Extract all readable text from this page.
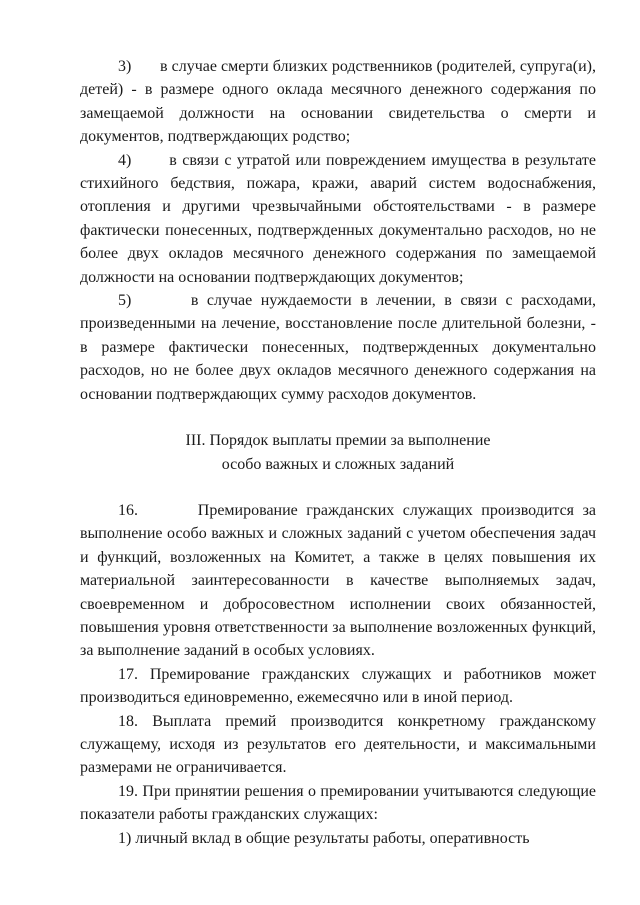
3)       в случае смерти близких родственников (родителей, супруга(и), детей) - в размере одного оклада месячного денежного содержания по замещаемой должности на основании свидетельства о смерти и документов, подтверждающих родство;

4)       в связи с утратой или повреждением имущества в результате стихийного бедствия, пожара, кражи, аварий систем водоснабжения, отопления и другими чрезвычайными обстоятельствами - в размере фактически понесенных, подтвержденных документально расходов, но не более двух окладов месячного денежного содержания по замещаемой должности на основании подтверждающих документов;

5)       в случае нуждаемости в лечении, в связи с расходами, произведенными на лечение, восстановление после длительной болезни, - в размере фактически понесенных, подтвержденных документально расходов, но не более двух окладов месячного денежного содержания на основании подтверждающих сумму расходов документов.

III. Порядок выплаты премии за выполнение
особо важных и сложных заданий

16.       Премирование гражданских служащих производится за выполнение особо важных и сложных заданий с учетом обеспечения задач и функций, возложенных на Комитет, а также в целях повышения их материальной заинтересованности в качестве выполняемых задач, своевременном и добросовестном исполнении своих обязанностей, повышения уровня ответственности за выполнение возложенных функций, за выполнение заданий в особых условиях.

17. Премирование гражданских служащих и работников может производиться единовременно, ежемесячно или в иной период.

18. Выплата премий производится конкретному гражданскому служащему, исходя из результатов его деятельности, и максимальными размерами не ограничивается.

19. При принятии решения о премировании учитываются следующие показатели работы гражданских служащих:

1) личный вклад в общие результаты работы, оперативность
